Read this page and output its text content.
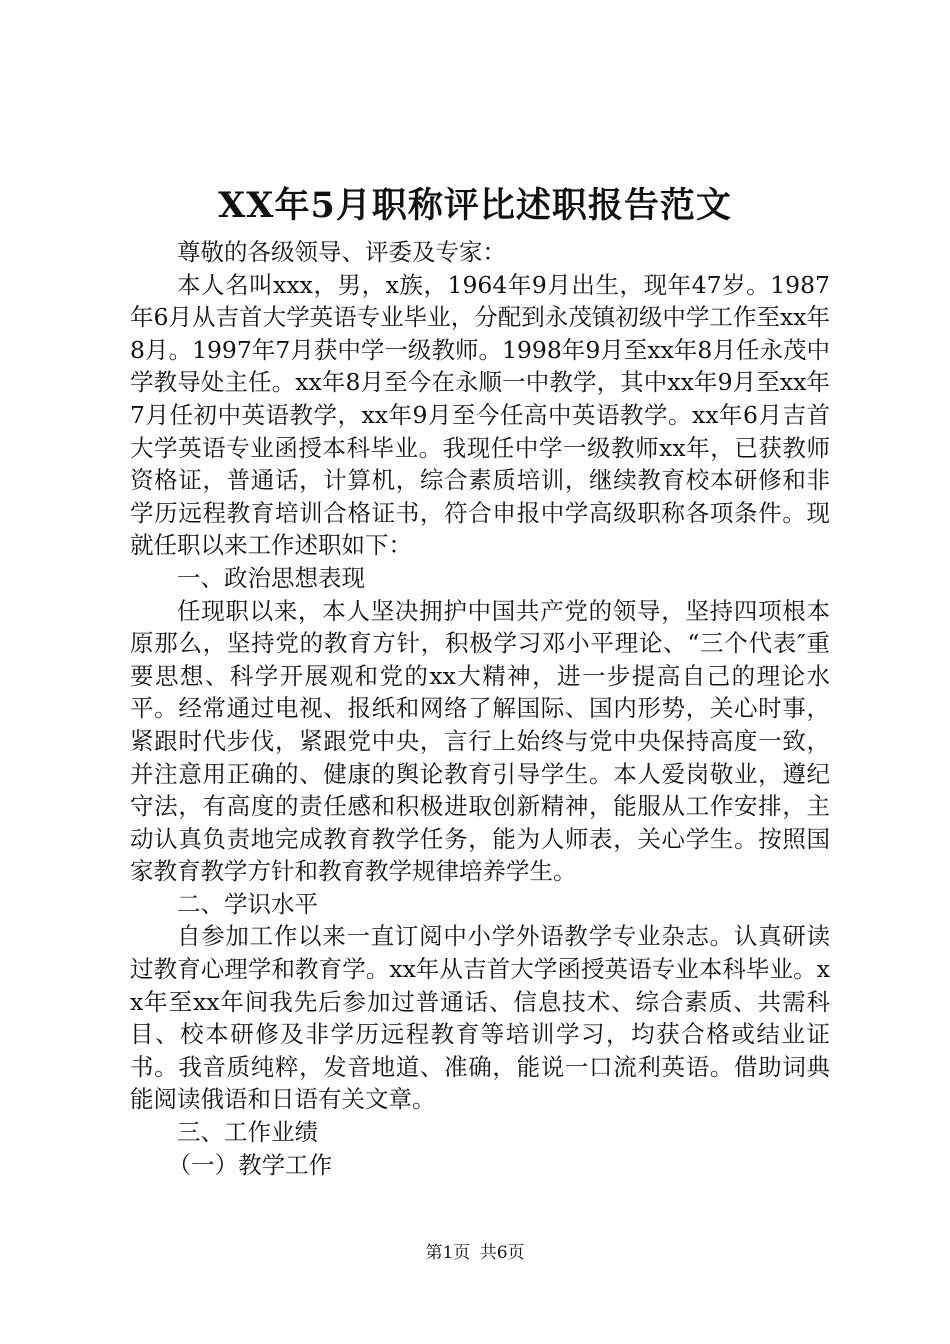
XX年5月职称评比述职报告范文

尊敬的各级领导、评委及专家：

本人名叫xxx，男，x族，1964年9月出生，现年47岁。1987年6月从吉首大学英语专业毕业，分配到永茂镇初级中学工作至xx年8月。1997年7月获中学一级教师。1998年9月至xx年8月任永茂中学教导处主任。xx年8月至今在永顺一中教学，其中xx年9月至xx年7月任初中英语教学，xx年9月至今任高中英语教学。xx年6月吉首大学英语专业函授本科毕业。我现任中学一级教师xx年，已获教师资格证，普通话，计算机，综合素质培训，继续教育校本研修和非学历远程教育培训合格证书，符合申报中学高级职称各项条件。现就任职以来工作述职如下：

一、政治思想表现

任现职以来，本人坚决拥护中国共产党的领导，坚持四项根本原那么，坚持党的教育方针，积极学习邓小平理论、“三个代表″重要思想、科学开展观和党的xx大精神，进一步提高自己的理论水平。经常通过电视、报纸和网络了解国际、国内形势，关心时事，紧跟时代步伐，紧跟党中央，言行上始终与党中央保持高度一致，并注意用正确的、健康的舆论教育引导学生。本人爱岗敬业，遵纪守法，有高度的责任感和积极进取创新精神，能服从工作安排，主动认真负责地完成教育教学任务，能为人师表，关心学生。按照国家教育教学方针和教育教学规律培养学生。

二、学识水平

自参加工作以来一直订阅中小学外语教学专业杂志。认真研读过教育心理学和教育学。xx年从吉首大学函授英语专业本科毕业。xx年至xx年间我先后参加过普通话、信息技术、综合素质、共需科目、校本研修及非学历远程教育等培训学习，均获合格或结业证书。我音质纯粹，发音地道、准确，能说一口流利英语。借助词典能阅读俄语和日语有关文章。

三、工作业绩

（一）教学工作

第1页 共6页
